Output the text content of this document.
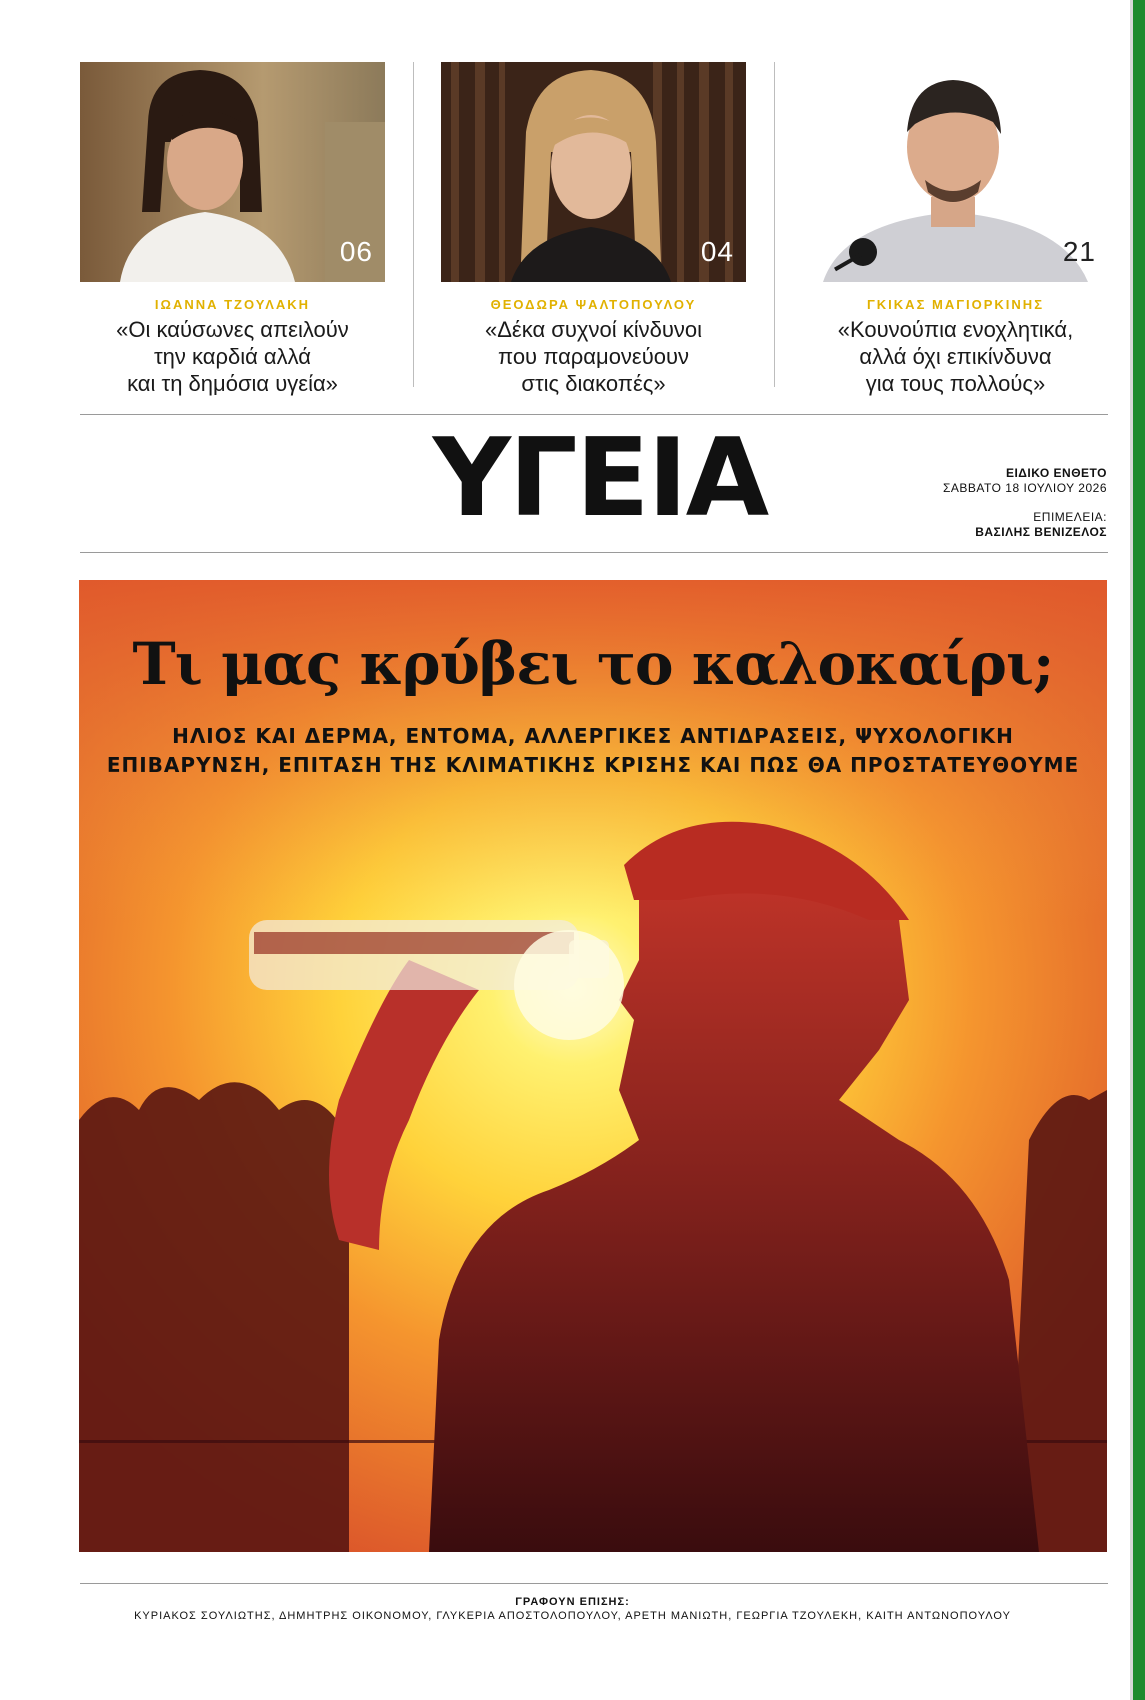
06
ΙΩΑΝΝΑ ΤΖΟΥΛΑΚΗ
«Οι καύσωνες απειλούν
την καρδιά αλλά
και τη δημόσια υγεία»
04
ΘΕΟΔΩΡΑ ΨΑΛΤΟΠΟΥΛΟΥ
«Δέκα συχνοί κίνδυνοι
που παραμονεύουν
στις διακοπές»
21
ΓΚΙΚΑΣ ΜΑΓΙΟΡΚΙΝΗΣ
«Κουνούπια ενοχλητικά,
αλλά όχι επικίνδυνα
για τους πολλούς»
ΥΓΕΙΑ	ΕΙΔΙΚΟ ΕΝΘΕΤΟ
ΣΑΒΒΑΤΟ 18 ΙΟΥΛΙΟΥ 2026
ΕΠΙΜΕΛΕΙΑ:
ΒΑΣΙΛΗΣ ΒΕΝΙΖΕΛΟΣ
Τι μας κρύβει το καλοκαίρι;
ΗΛΙΟΣ ΚΑΙ ΔΕΡΜΑ, ΕΝΤΟΜΑ, ΑΛΛΕΡΓΙΚΕΣ ΑΝΤΙΔΡΑΣΕΙΣ, ΨΥΧΟΛΟΓΙΚΗ
ΕΠΙΒΑΡΥΝΣΗ, ΕΠΙΤΑΣΗ ΤΗΣ ΚΛΙΜΑΤΙΚΗΣ ΚΡΙΣΗΣ ΚΑΙ ΠΩΣ ΘΑ ΠΡΟΣΤΑΤΕΥΘΟΥΜΕ
ΓΡΑΦΟΥΝ ΕΠΙΣΗΣ:
ΚΥΡΙΑΚΟΣ ΣΟΥΛΙΩΤΗΣ, ΔΗΜΗΤΡΗΣ ΟΙΚΟΝΟΜΟΥ, ΓΛΥΚΕΡΙΑ ΑΠΟΣΤΟΛΟΠΟΥΛΟΥ, ΑΡΕΤΗ ΜΑΝΙΩΤΗ, ΓΕΩΡΓΙΑ ΤΖΟΥΛΕΚΗ, ΚΑΙΤΗ ΑΝΤΩΝΟΠΟΥΛΟΥ
